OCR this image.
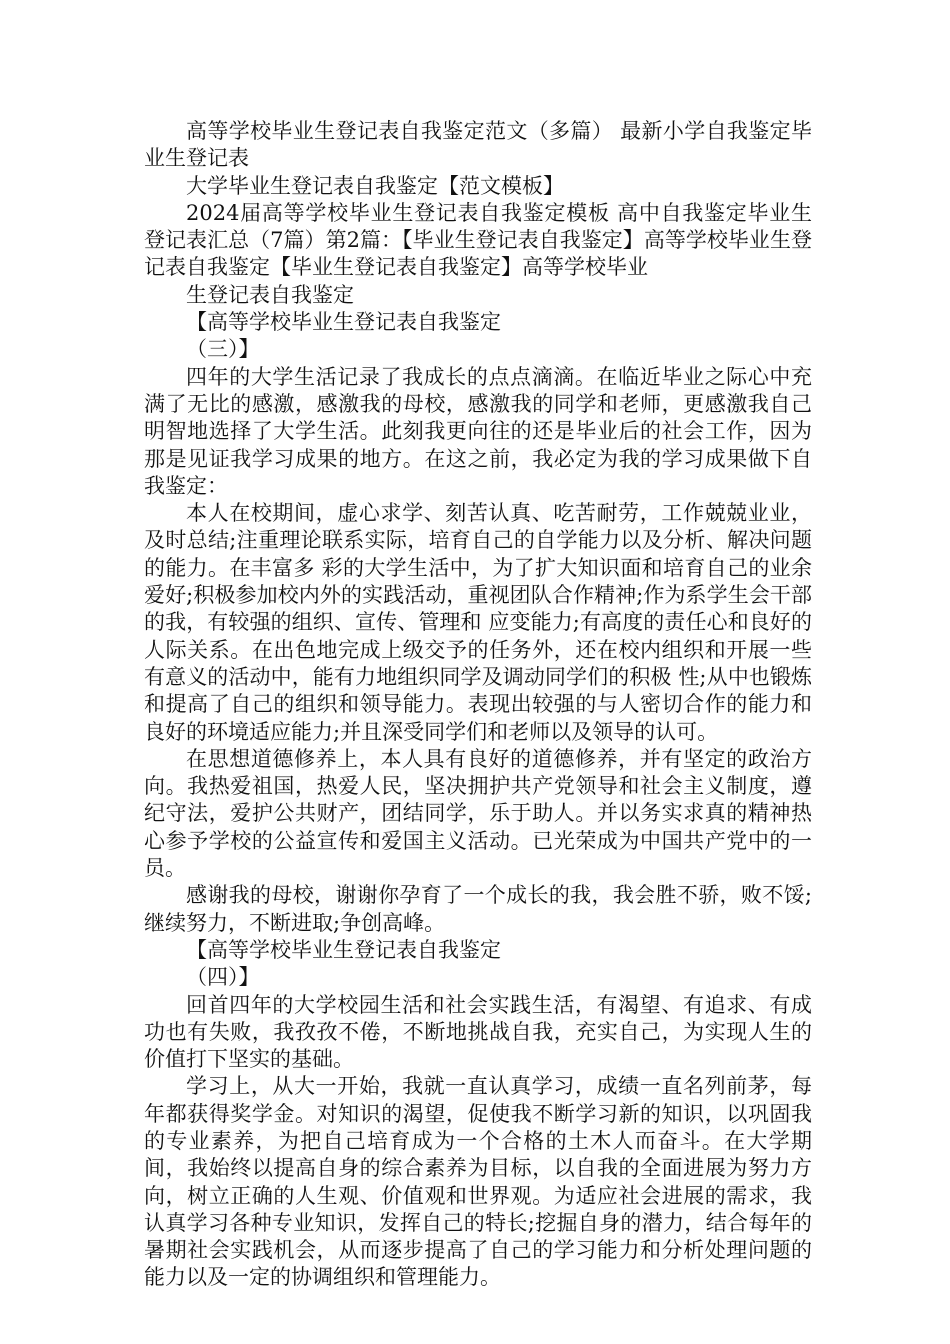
高等学校毕业生登记表自我鉴定范文（多篇） 最新小学自我鉴定毕业生登记表

大学毕业生登记表自我鉴定【范文模板】

2024届高等学校毕业生登记表自我鉴定模板 高中自我鉴定毕业生登记表汇总（7篇）第2篇：【毕业生登记表自我鉴定】高等学校毕业生登记表自我鉴定【毕业生登记表自我鉴定】高等学校毕业

生登记表自我鉴定

【高等学校毕业生登记表自我鉴定
（三）】

四年的大学生活记录了我成长的点点滴滴。在临近毕业之际心中充满了无比的感激，感激我的母校，感激我的同学和老师，更感激我自己明智地选择了大学生活。此刻我更向往的还是毕业后的社会工作，因为那是见证我学习成果的地方。在这之前，我必定为我的学习成果做下自我鉴定：

本人在校期间，虚心求学、刻苦认真、吃苦耐劳，工作兢兢业业，及时总结;注重理论联系实际，培育自己的自学能力以及分析、解决问题的能力。在丰富多 彩的大学生活中，为了扩大知识面和培育自己的业余爱好;积极参加校内外的实践活动，重视团队合作精神;作为系学生会干部的我，有较强的组织、宣传、管理和 应变能力;有高度的责任心和良好的人际关系。在出色地完成上级交予的任务外，还在校内组织和开展一些有意义的活动中，能有力地组织同学及调动同学们的积极 性;从中也锻炼和提高了自己的组织和领导能力。表现出较强的与人密切合作的能力和良好的环境适应能力;并且深受同学们和老师以及领导的认可。

在思想道德修养上，本人具有良好的道德修养，并有坚定的政治方向。我热爱祖国，热爱人民，坚决拥护共产党领导和社会主义制度，遵纪守法，爱护公共财产，团结同学，乐于助人。并以务实求真的精神热心参予学校的公益宣传和爱国主义活动。已光荣成为中国共产党中的一员。

感谢我的母校，谢谢你孕育了一个成长的我，我会胜不骄，败不馁;继续努力，不断进取;争创高峰。

【高等学校毕业生登记表自我鉴定
（四）】

回首四年的大学校园生活和社会实践生活，有渴望、有追求、有成功也有失败，我孜孜不倦，不断地挑战自我，充实自己，为实现人生的价值打下坚实的基础。

学习上，从大一开始，我就一直认真学习，成绩一直名列前茅，每年都获得奖学金。对知识的渴望，促使我不断学习新的知识，以巩固我的专业素养，为把自己培育成为一个合格的土木人而奋斗。在大学期间，我始终以提高自身的综合素养为目标，以自我的全面进展为努力方向，树立正确的人生观、价值观和世界观。为适应社会进展的需求，我认真学习各种专业知识，发挥自己的特长;挖掘自身的潜力，结合每年的暑期社会实践机会，从而逐步提高了自己的学习能力和分析处理问题的能力以及一定的协调组织和管理能力。
